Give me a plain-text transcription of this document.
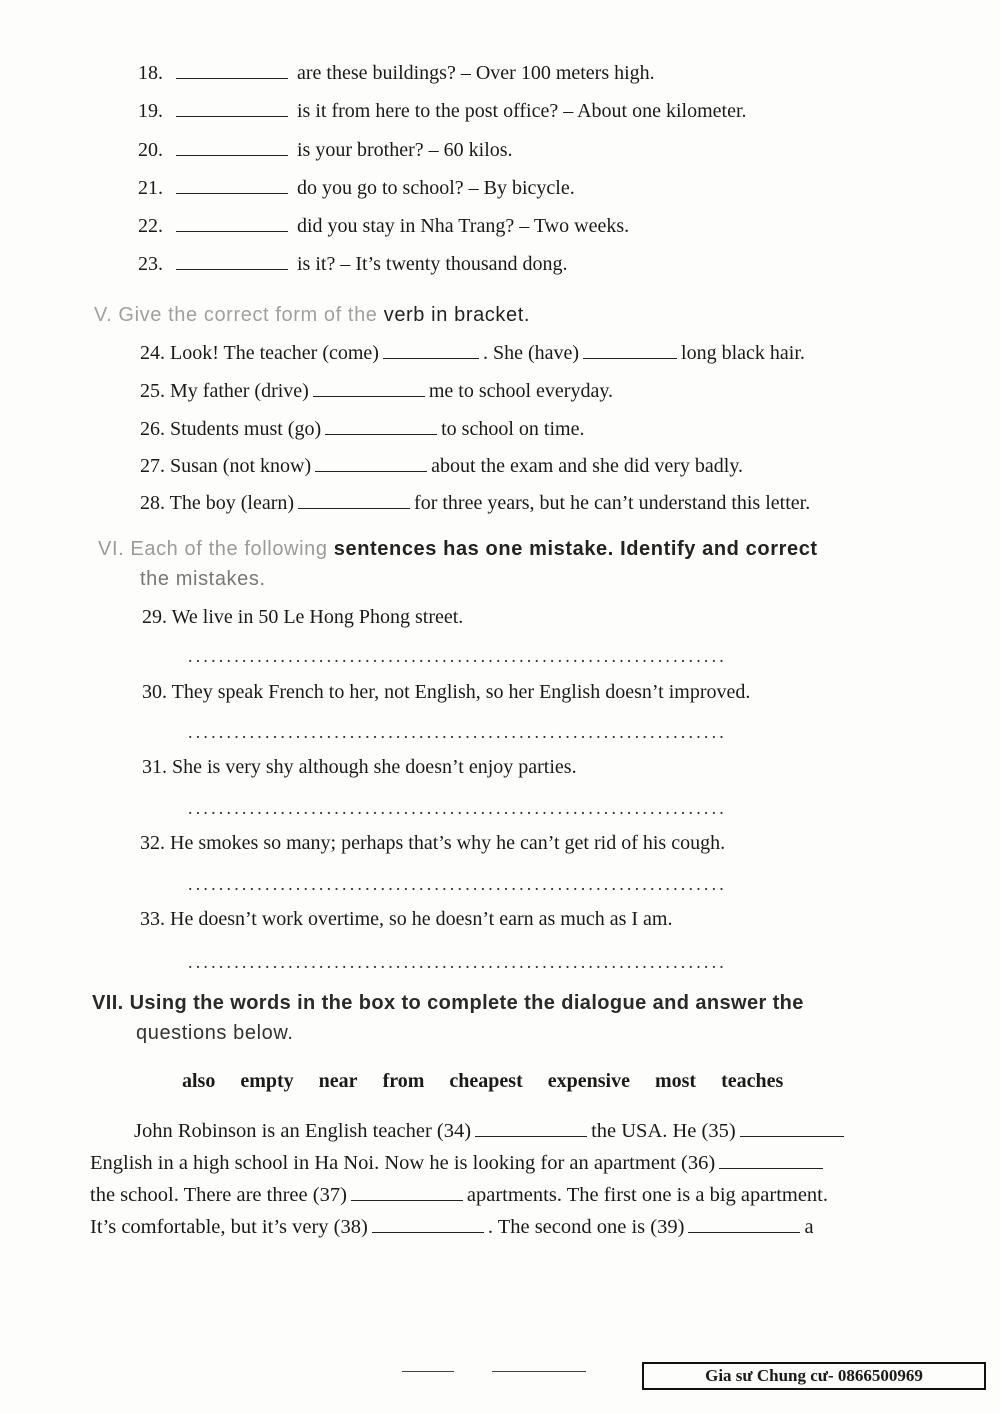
18.	are these buildings? – Over 100 meters high.
19.	is it from here to the post office? – About one kilometer.
20.	is your brother? – 60 kilos.
21.	do you go to school? – By bicycle.
22.	did you stay in Nha Trang? – Two weeks.
23.	is it? – It’s twenty thousand dong.
V. Give the correct form of the verb in bracket.
24. Look! The teacher (come)	. She (have)	long black hair.
25. My father (drive)	me to school everyday.
26. Students must (go)	to school on time.
27. Susan (not know)	about the exam and she did very badly.
28. The boy (learn)	for three years, but he can’t understand this letter.
VI. Each of the following sentences has one mistake. Identify and correct
the mistakes.
29. We live in 50 Le Hong Phong street.
......................................................................
30. They speak French to her, not English, so her English doesn’t improved.
......................................................................
31. She is very shy although she doesn’t enjoy parties.
......................................................................
32. He smokes so many; perhaps that’s why he can’t get rid of his cough.
......................................................................
33. He doesn’t work overtime, so he doesn’t earn as much as I am.
......................................................................
VII. Using the words in the box to complete the dialogue and answer the
questions below.
also empty near from cheapest expensive most teaches
John Robinson is an English teacher (34)	the USA. He (35)
English in a high school in Ha Noi. Now he is looking for an apartment (36)
the school. There are three (37)	apartments. The first one is a big apartment.
It’s comfortable, but it’s very (38)	. The second one is (39)	a
Gia sư Chung cư- 0866500969
